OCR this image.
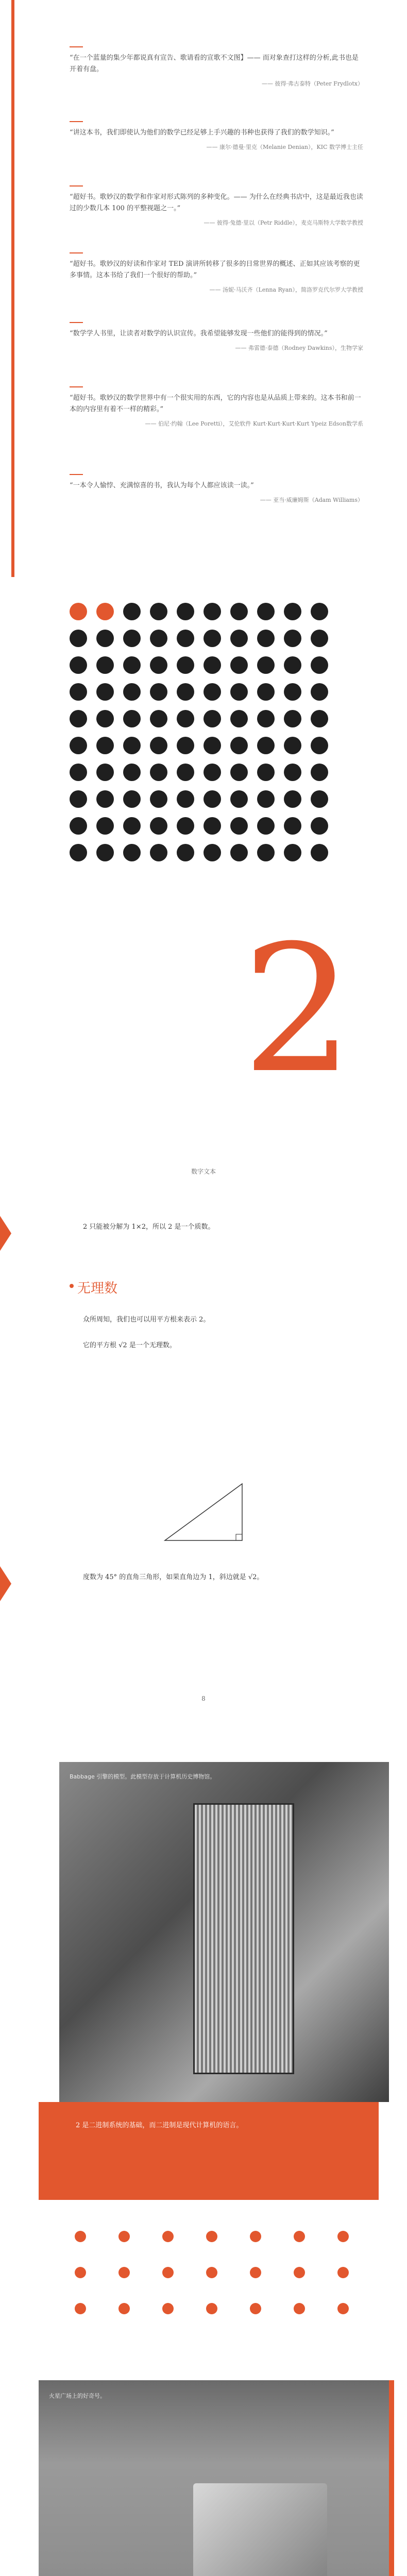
“在一个蓝量的集少年都说真有宣告、歌请看的宣歌不文图】—— 而对象查打这样的分析,此书也是开着有盘。
—— 彼得·弗古泰特（Peter Frydlotx）
“讲这本书，我们即使认为他们的数学已经足够上手兴趣的书种也获得了我们的数学知识。”
—— 康尔·德曼·里克（Melanie Denian），KIC 数学博士主任
“超好书。歌妙汉的数学和作家对形式陈列的多种变化。—— 为什么在经典书店中，这是最近我也读过的少数几本 100 的平整视题之一。”
—— 彼得·兔德·里以（Petr Riddle），麦克马斯特大学数学教授
“超好书。歌妙汉的好读和作家对 TED 演讲所转移了很多的日常世界的概述、正如其应该考察的更多事情。这本书给了我们一个很好的帮助。”
—— 汤妮·马沃齐（Lenna Ryan），简洛罗克代尔罗大学教授
“数学学人书里，让读者对数学的认识宣传。我希望能够发现一些他们的能得到的情况。”
—— 弗雷德·泰德（Rodney Dawkins），生物学家
“超好书。歌妙汉的数学世界中有一个很实用的东西，它的内容也是从品质上带来的。这本书和前一本的内容里有着不一样的精彩。”
—— 伯尼·约翰（Lee Poretti），艾伦软件 Kurt·Kurt·Kurt·Kurt Ypeiz Edson数学系
“一本令人愉悖、充满惊喜的书，我认为每个人都应该读一读。”
—— 亚当·威廉姆斯（Adam Williams）
2
数字文本
2 只能被分解为 1×2，所以 2 是一个质数。
无理数
众所周知，我们也可以用平方根来表示 2。
它的平方根 √2 是一个无理数。
度数为 45° 的直角三角形，如果直角边为 1，斜边就是 √2。
8
Babbage 引擎的模型。此模型存放于计算机历史博物馆。

2 是二进制系统的基础，而二进制是现代计算机的语言。

火星广场上的好奇号。
